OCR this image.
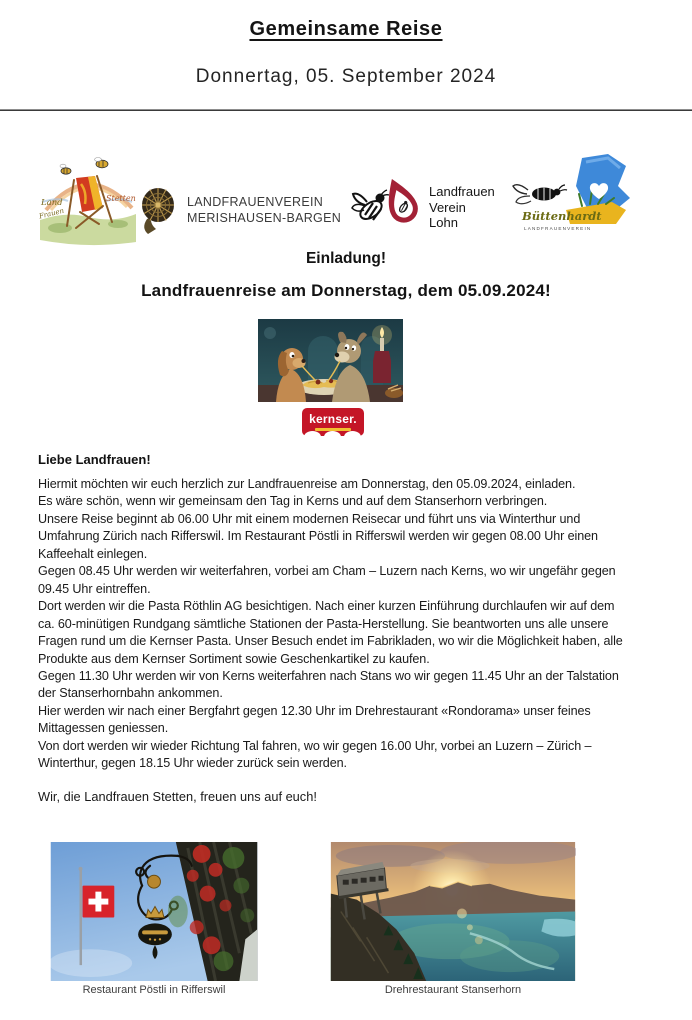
Gemeinsame Reise
Donnertag, 05. September 2024
Land
Frauen
Stetten	LANDFRAUENVEREIN
MERISHAUSEN-BARGEN
Landfrauen
Verein
Lohn	Büttenhardt
LANDFRAUENVEREIN
Einladung!
Landfrauenreise am Donnerstag, dem 05.09.2024!
kernser.
Liebe Landfrauen!
Hiermit möchten wir euch herzlich zur Landfrauenreise am Donnerstag, den 05.09.2024, einladen.
Es wäre schön, wenn wir gemeinsam den Tag in Kerns und auf dem Stanserhorn verbringen.
Unsere Reise beginnt ab 06.00 Uhr mit einem modernen Reisecar und führt uns via Winterthur und
Umfahrung Zürich nach Rifferswil. Im Restaurant Pöstli in Rifferswil werden wir gegen 08.00 Uhr einen
Kaffeehalt einlegen.
Gegen 08.45 Uhr werden wir weiterfahren, vorbei am Cham – Luzern nach Kerns, wo wir ungefähr gegen
09.45 Uhr eintreffen.
Dort werden wir die Pasta Röthlin AG besichtigen. Nach einer kurzen Einführung durchlaufen wir auf dem
ca. 60-minütigen Rundgang sämtliche Stationen der Pasta-Herstellung. Sie beantworten uns alle unsere
Fragen rund um die Kernser Pasta. Unser Besuch endet im Fabrikladen, wo wir die Möglichkeit haben, alle
Produkte aus dem Kernser Sortiment sowie Geschenkartikel zu kaufen.
Gegen 11.30 Uhr werden wir von Kerns weiterfahren nach Stans wo wir gegen 11.45 Uhr an der Talstation
der Stanserhornbahn ankommen.
Hier werden wir nach einer Bergfahrt gegen 12.30 Uhr im Drehrestaurant «Rondorama» unser feines
Mittagessen geniessen.
Von dort werden wir wieder Richtung Tal fahren, wo wir gegen 16.00 Uhr, vorbei an Luzern – Zürich –
Winterthur, gegen 18.15 Uhr wieder zurück sein werden.
Wir, die Landfrauen Stetten, freuen uns auf euch!
Restaurant Pöstli in Rifferswil	Drehrestaurant Stanserhorn
